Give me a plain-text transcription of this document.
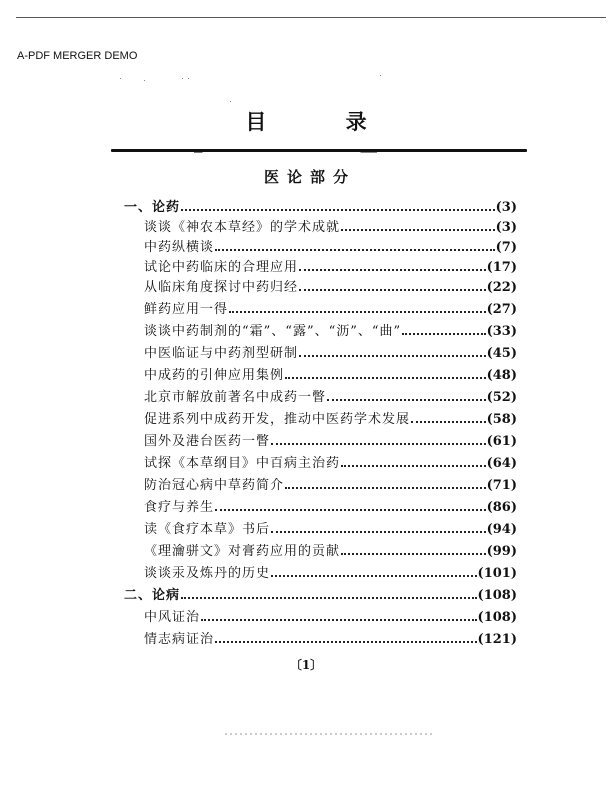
A-PDF MERGER DEMO
目 录
医论部分
一、论药	(3)
谈谈《神农本草经》的学术成就	(3)
中药纵横谈	(7)
试论中药临床的合理应用	(17)
从临床角度探讨中药归经	(22)
鲜药应用一得	(27)
谈谈中药制剂的“霜”、“露”、“沥”、“曲”	(33)
中医临证与中药剂型研制	(45)
中成药的引伸应用集例	(48)
北京市解放前著名中成药一瞥	(52)
促进系列中成药开发，推动中医药学术发展	(58)
国外及港台医药一瞥	(61)
试探《本草纲目》中百病主治药	(64)
防治冠心病中草药简介	(71)
食疗与养生	(86)
读《食疗本草》书后	(94)
《理瀹骈文》对膏药应用的贡献	(99)
谈谈汞及炼丹的历史	(101)
二、论病	(108)
中风证治	(108)
情志病证治	(121)
〔1〕
